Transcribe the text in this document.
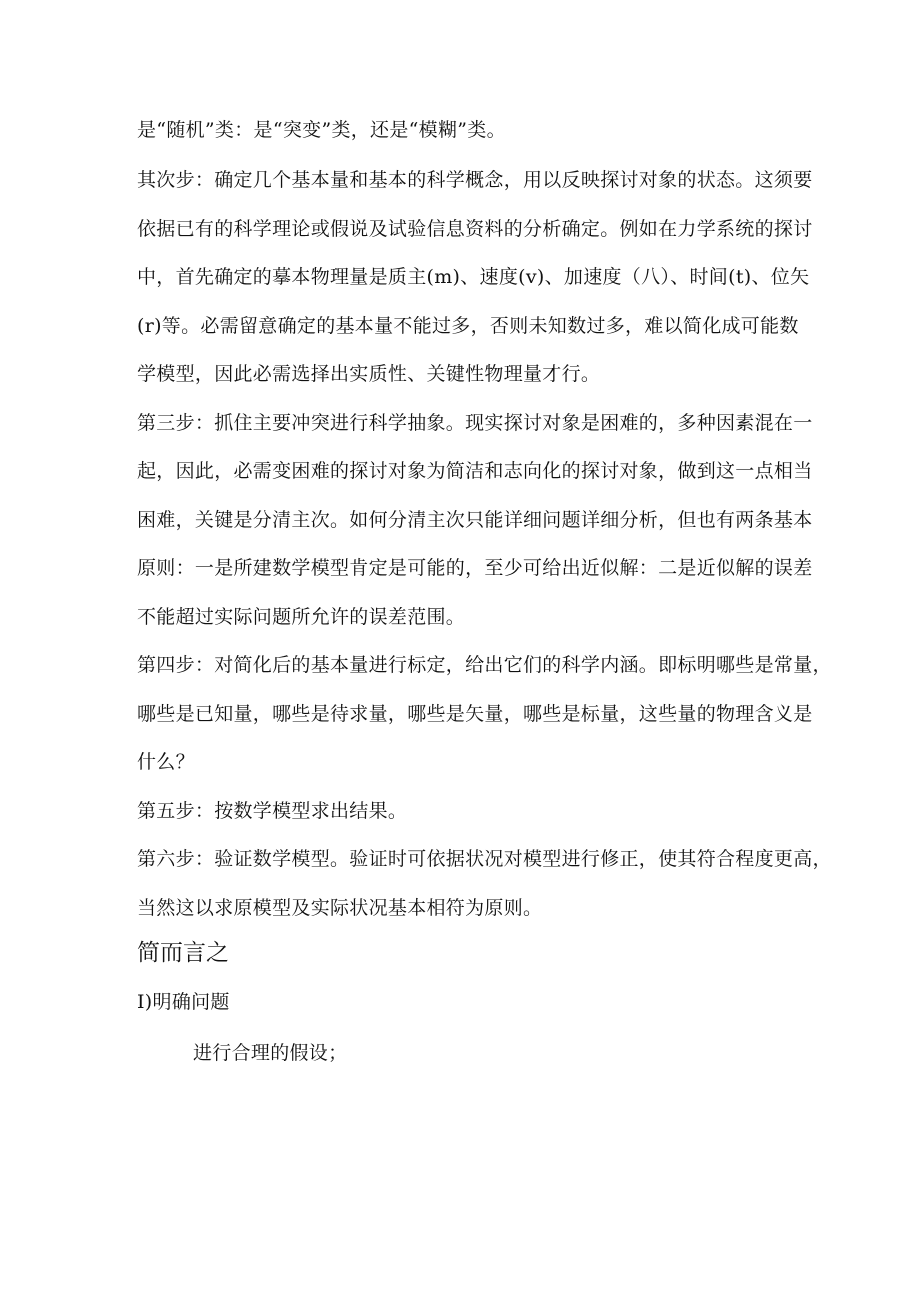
是“随机”类：是“突变”类，还是“模糊”类。
其次步：确定几个基本量和基本的科学概念，用以反映探讨对象的状态。这须要
依据已有的科学理论或假说及试验信息资料的分析确定。例如在力学系统的探讨
中，首先确定的摹本物理量是质主(m)、速度(v)、加速度（八）、时间(t)、位矢
(r)等。必需留意确定的基本量不能过多，否则未知数过多，难以简化成可能数
学模型，因此必需选择出实质性、关键性物理量才行。
第三步：抓住主要冲突进行科学抽象。现实探讨对象是困难的，多种因素混在一
起，因此，必需变困难的探讨对象为简洁和志向化的探讨对象，做到这一点相当
困难，关键是分清主次。如何分清主次只能详细问题详细分析，但也有两条基本
原则：一是所建数学模型肯定是可能的，至少可给出近似解：二是近似解的误差
不能超过实际问题所允许的误差范围。
第四步：对简化后的基本量进行标定，给出它们的科学内涵。即标明哪些是常量，
哪些是已知量，哪些是待求量，哪些是矢量，哪些是标量，这些量的物理含义是
什么？
第五步：按数学模型求出结果。
第六步：验证数学模型。验证时可依据状况对模型进行修正，使其符合程度更高，
当然这以求原模型及实际状况基本相符为原则。
简而言之
I)明确问题
进行合理的假设；
